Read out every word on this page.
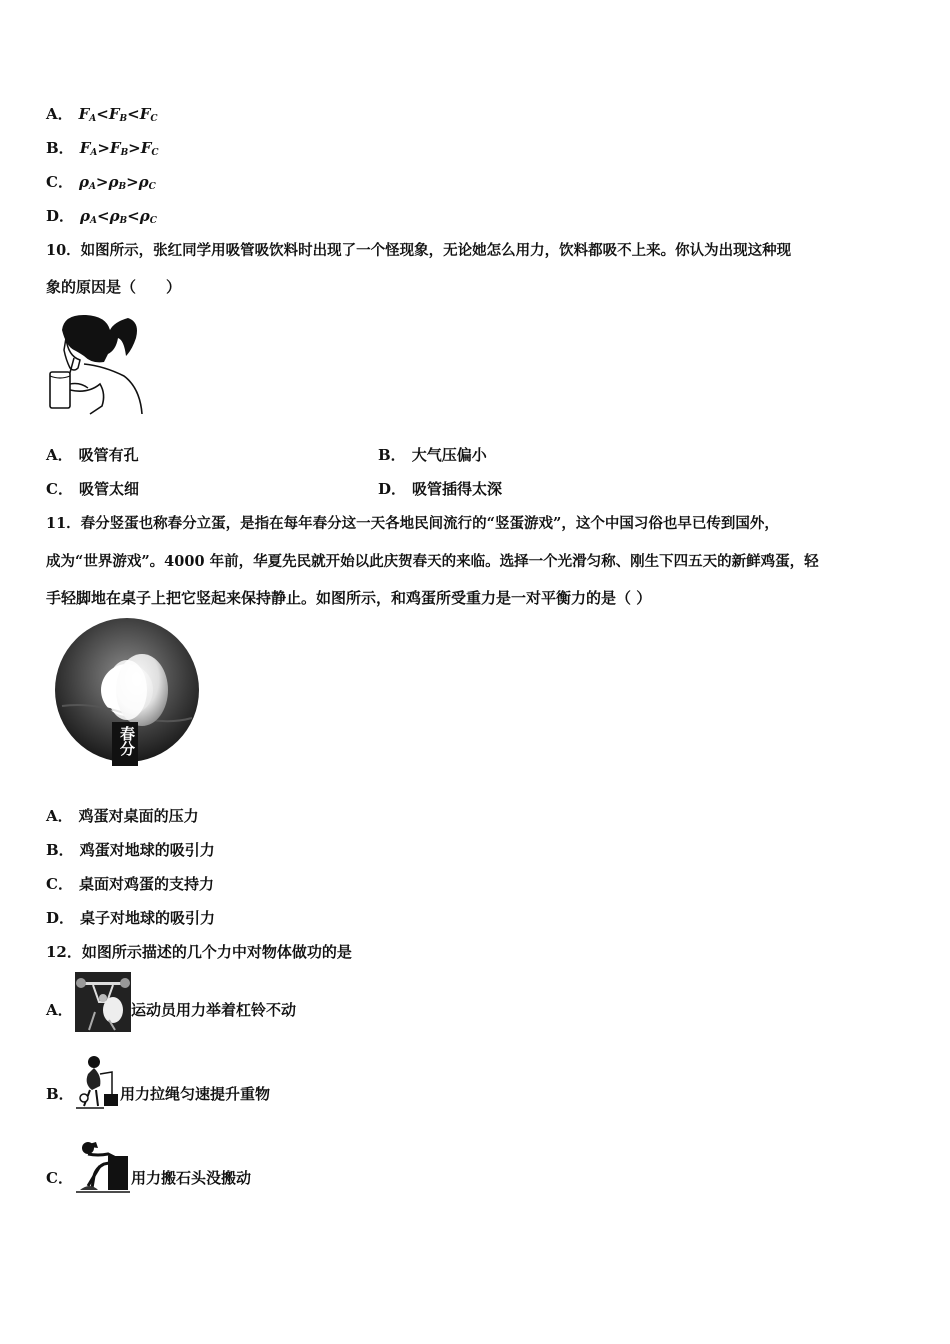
A． $F_A<F_B<F_C$
B． $F_A>F_B>F_C$
C． $\rho_A>\rho_B>\rho_C$
D． $\rho_A<\rho_B<\rho_C$
10．如图所示，张红同学用吸管吸饮料时出现了一个怪现象，无论她怎么用力，饮料都吸不上来。你认为出现这种现
象的原因是（　　）
A． 吸管有孔	B． 大气压偏小
C． 吸管太细	D． 吸管插得太深
11．春分竖蛋也称春分立蛋，是指在每年春分这一天各地民间流行的“竖蛋游戏”，这个中国习俗也早已传到国外，
成为“世界游戏”。4000 年前，华夏先民就开始以此庆贺春天的来临。选择一个光滑匀称、刚生下四五天的新鲜鸡蛋，轻
手轻脚地在桌子上把它竖起来保持静止。如图所示，和鸡蛋所受重力是一对平衡力的是（ ）
春分
A． 鸡蛋对桌面的压力
B． 鸡蛋对地球的吸引力
C． 桌面对鸡蛋的支持力
D． 桌子对地球的吸引力
12．如图所示描述的几个力中对物体做功的是
A．	运动员用力举着杠铃不动
B．	用力拉绳匀速提升重物
C．	用力搬石头没搬动
